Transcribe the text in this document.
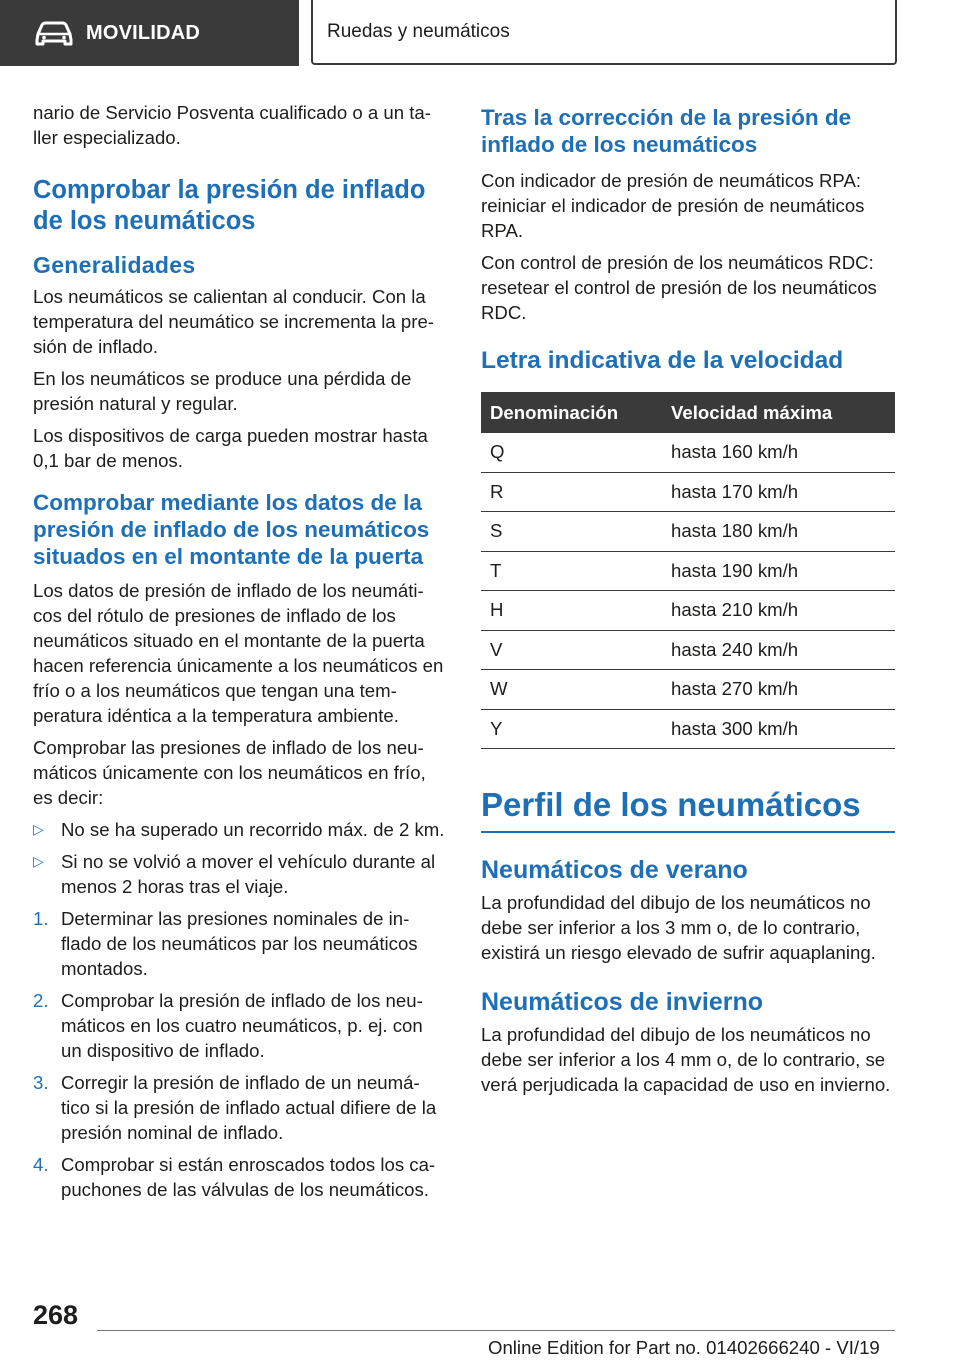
MOVILIDAD	Ruedas y neumáticos

nario de Servicio Posventa cualificado o a un ta‐ ller especializado.

Comprobar la presión de inflado de los neumáticos
Generalidades

Los neumáticos se calientan al conducir. Con la temperatura del neumático se incrementa la pre‐ sión de inflado.

En los neumáticos se produce una pérdida de presión natural y regular.

Los dispositivos de carga pueden mostrar hasta 0,1 bar de menos.

Comprobar mediante los datos de la presión de inflado de los neumáticos situados en el montante de la puerta

Los datos de presión de inflado de los neumáti‐ cos del rótulo de presiones de inflado de los neumáticos situado en el montante de la puerta hacen referencia únicamente a los neumáticos en frío o a los neumáticos que tengan una tem‐ peratura idéntica a la temperatura ambiente.

Comprobar las presiones de inflado de los neu‐ máticos únicamente con los neumáticos en frío, es decir:

▷ No se ha superado un recorrido máx. de 2 km.
▷ Si no se volvió a mover el vehículo durante al menos 2 horas tras el viaje.
1. Determinar las presiones nominales de in‐ flado de los neumáticos par los neumáticos montados.
2. Comprobar la presión de inflado de los neu‐ máticos en los cuatro neumáticos, p. ej. con un dispositivo de inflado.
3. Corregir la presión de inflado de un neumá‐ tico si la presión de inflado actual difiere de la presión nominal de inflado.
4. Comprobar si están enroscados todos los ca‐ puchones de las válvulas de los neumáticos.
Tras la corrección de la presión de inflado de los neumáticos

Con indicador de presión de neumáticos RPA: reiniciar el indicador de presión de neumáticos RPA.

Con control de presión de los neumáticos RDC: resetear el control de presión de los neumáticos RDC.

Letra indicativa de la velocidad
Denominación	Velocidad máxima
Q	hasta 160 km/h
R	hasta 170 km/h
S	hasta 180 km/h
T	hasta 190 km/h
H	hasta 210 km/h
V	hasta 240 km/h
W	hasta 270 km/h
Y	hasta 300 km/h
Perfil de los neumáticos
Neumáticos de verano

La profundidad del dibujo de los neumáticos no debe ser inferior a los 3 mm o, de lo contrario, existirá un riesgo elevado de sufrir aquaplaning.

Neumáticos de invierno

La profundidad del dibujo de los neumáticos no debe ser inferior a los 4 mm o, de lo contrario, se verá perjudicada la capacidad de uso en invierno.

268
Online Edition for Part no. 01402666240 - VI/19
